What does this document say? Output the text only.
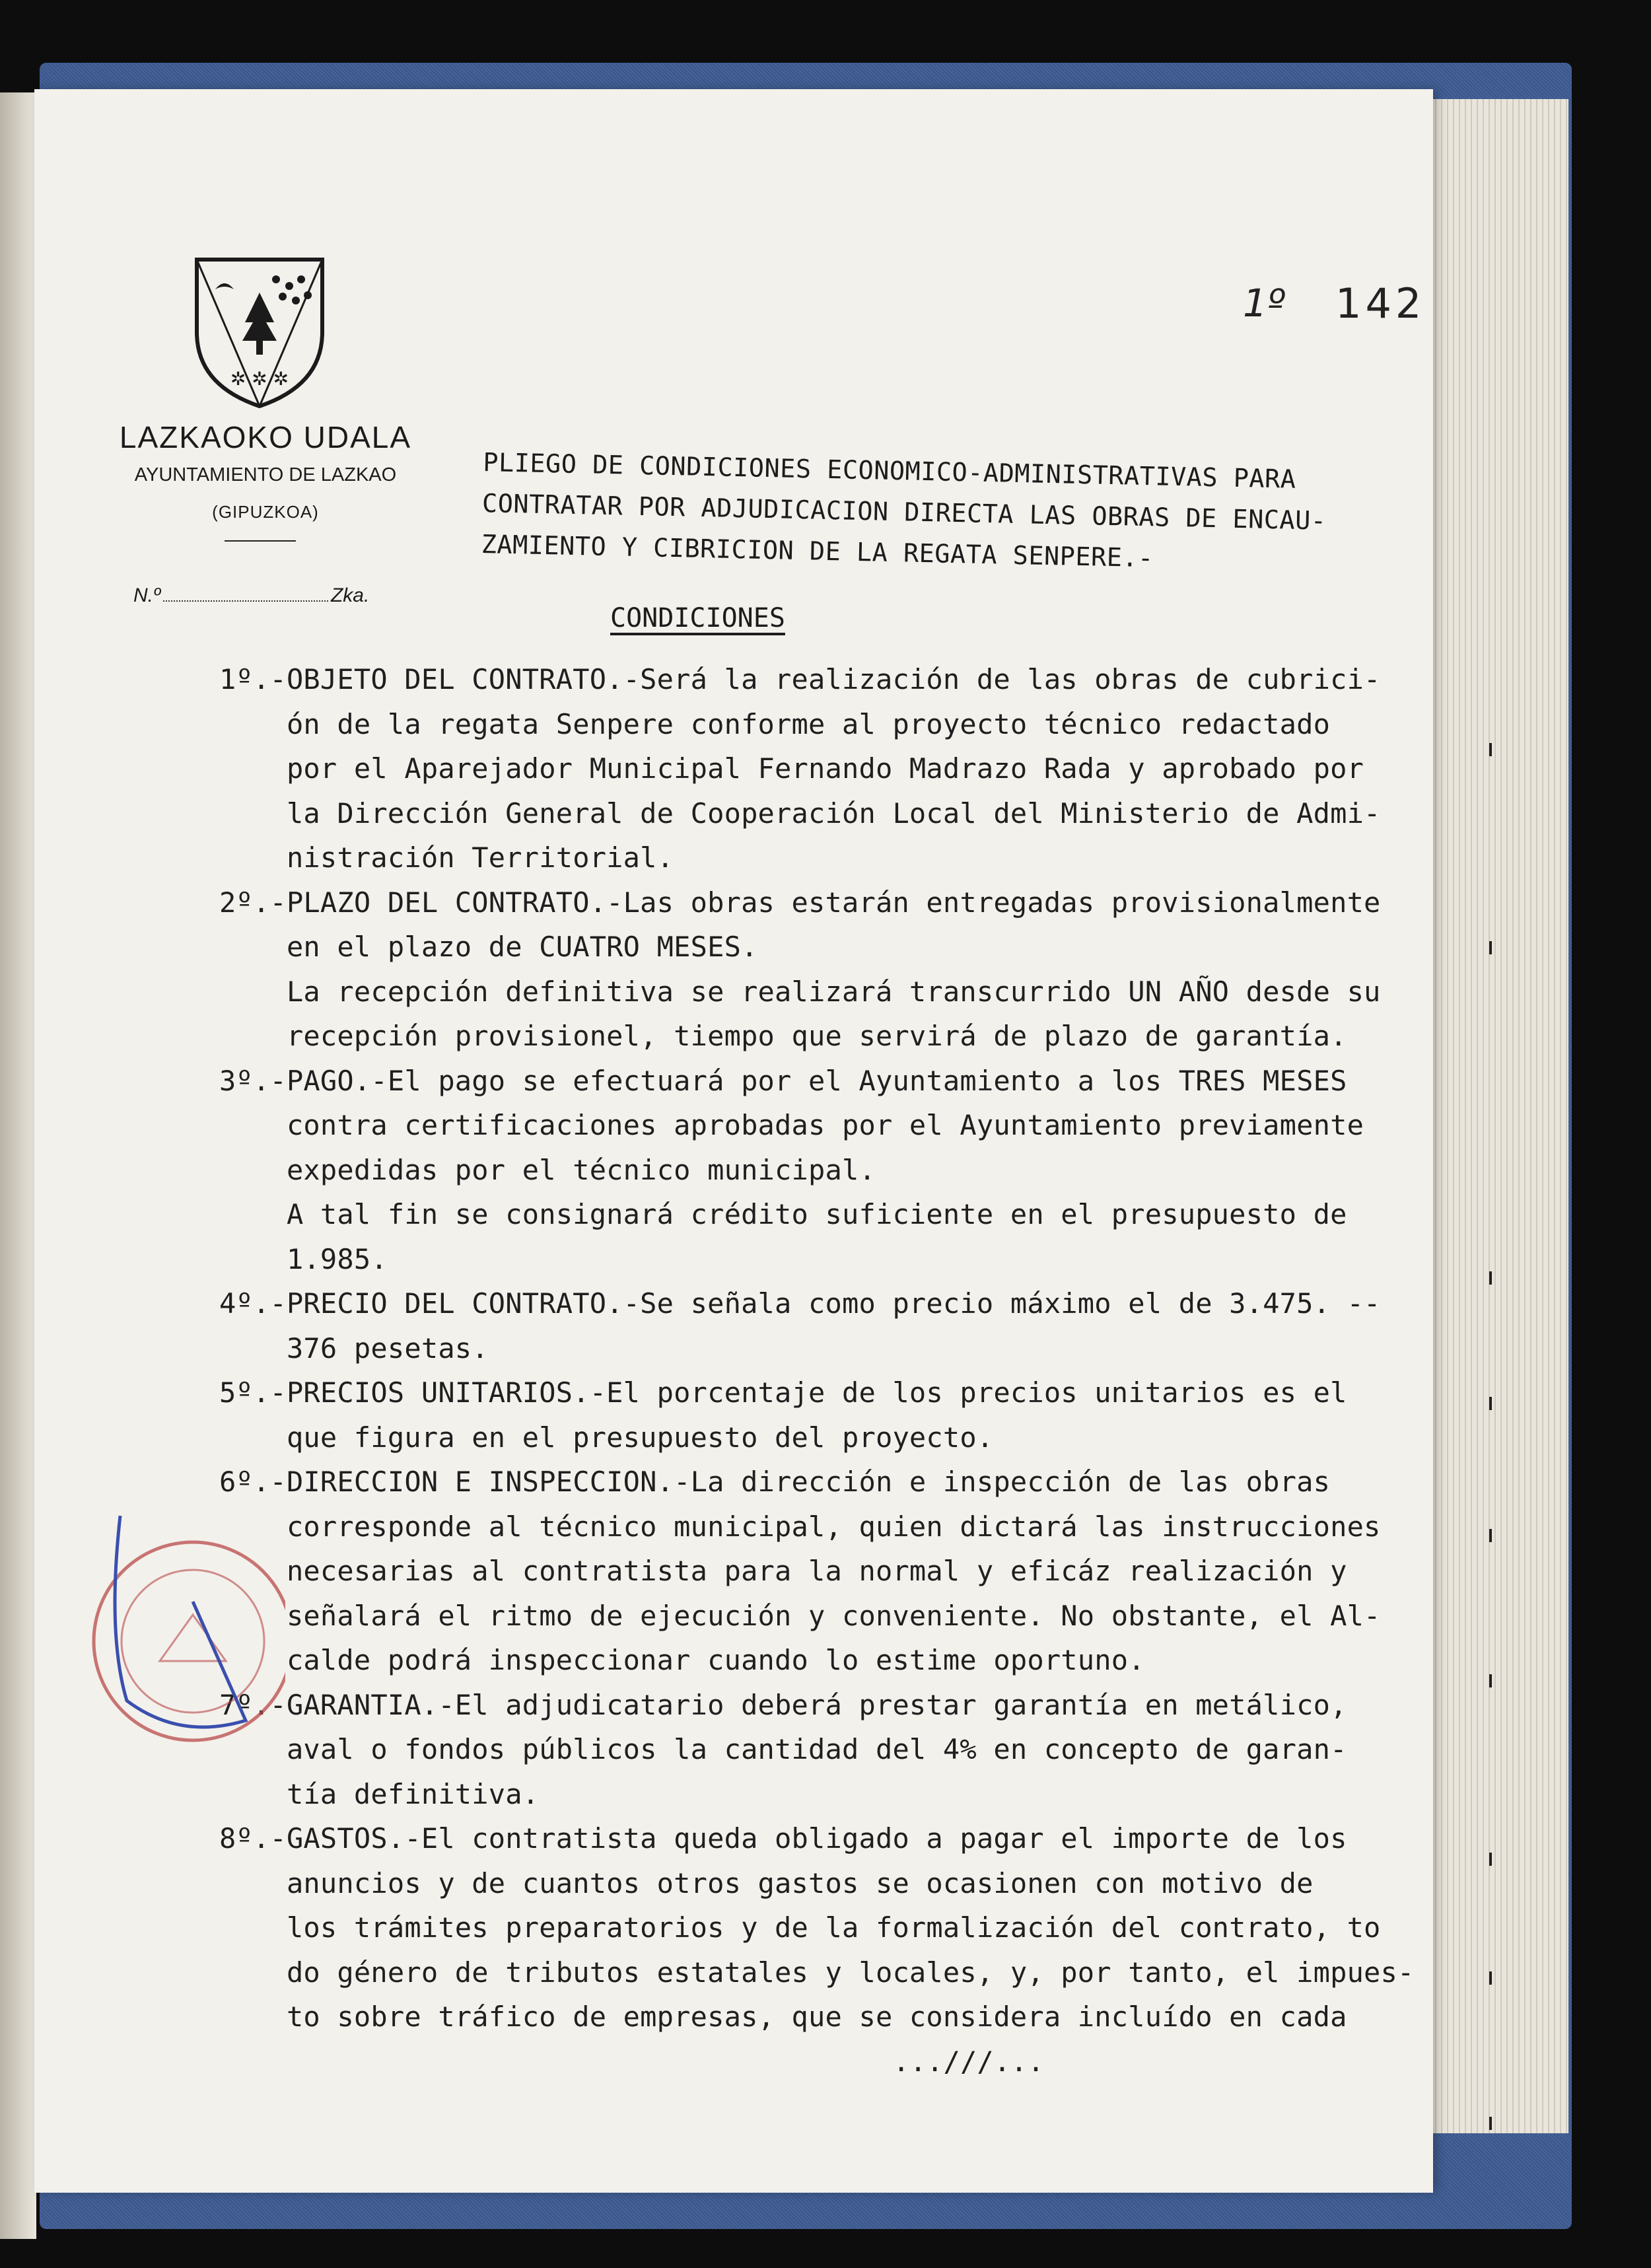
✲ ✲ ✲
LAZKAOKO UDALA
AYUNTAMIENTO DE LAZKAO
(GIPUZKOA)
N.º	Zka.
1º 142
PLIEGO DE CONDICIONES ECONOMICO-ADMINISTRATIVAS PARA
CONTRATAR POR ADJUDICACION DIRECTA LAS OBRAS DE ENCAU-
ZAMIENTO Y CIBRICION DE LA REGATA SENPERE.-
CONDICIONES
1º.-OBJETO DEL CONTRATO.-Será la realización de las obras de cubrici-
ón de la regata Senpere conforme al proyecto técnico redactado
por el Aparejador Municipal Fernando Madrazo Rada y aprobado por
la Dirección General de Cooperación Local del Ministerio de Admi-
nistración Territorial.
2º.-PLAZO DEL CONTRATO.-Las obras estarán entregadas provisionalmente
en el plazo de CUATRO MESES.
La recepción definitiva se realizará transcurrido UN AÑO desde su
recepción provisionel, tiempo que servirá de plazo de garantía.
3º.-PAGO.-El pago se efectuará por el Ayuntamiento a los TRES MESES
contra certificaciones aprobadas por el Ayuntamiento previamente
expedidas por el técnico municipal.
A tal fin se consignará crédito suficiente en el presupuesto de
1.985.
4º.-PRECIO DEL CONTRATO.-Se señala como precio máximo el de 3.475. --
376 pesetas.
5º.-PRECIOS UNITARIOS.-El porcentaje de los precios unitarios es el
que figura en el presupuesto del proyecto.
6º.-DIRECCION E INSPECCION.-La dirección e inspección de las obras
corresponde al técnico municipal, quien dictará las instrucciones
necesarias al contratista para la normal y eficáz realización y
señalará el ritmo de ejecución y conveniente. No obstante, el Al-
calde podrá inspeccionar cuando lo estime oportuno.
7º.-GARANTIA.-El adjudicatario deberá prestar garantía en metálico,
aval o fondos públicos la cantidad del 4% en concepto de garan-
tía definitiva.
8º.-GASTOS.-El contratista queda obligado a pagar el importe de los
anuncios y de cuantos otros gastos se ocasionen con motivo de
los trámites preparatorios y de la formalización del contrato, to
do género de tributos estatales y locales, y, por tanto, el impues-
to sobre tráfico de empresas, que se considera incluído en cada
...///...
